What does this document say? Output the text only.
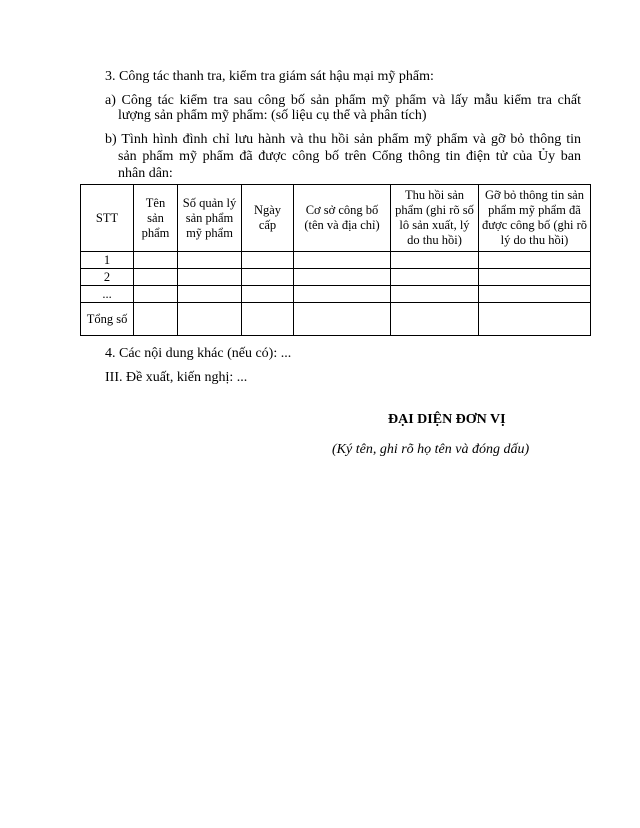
3. Công tác thanh tra, kiểm tra giám sát hậu mại mỹ phẩm:
a) Công tác kiểm tra sau công bố sản phẩm mỹ phẩm và lấy mẫu kiểm tra chất
lượng sản phẩm mỹ phẩm: (số liệu cụ thể và phân tích)
b) Tình hình đình chỉ lưu hành và thu hồi sản phẩm mỹ phẩm và gỡ bỏ thông tin
sản phẩm mỹ phẩm đã được công bố trên Cổng thông tin điện tử của Ủy ban
nhân dân:
STT	Tên sản phẩm	Số quản lý sản phẩm mỹ phẩm	Ngày cấp	Cơ sở công bố (tên và địa chỉ)	Thu hồi sản phẩm (ghi rõ số lô sản xuất, lý do thu hồi)	Gỡ bỏ thông tin sản phẩm mỹ phẩm đã được công bố (ghi rõ lý do thu hồi)
1						
2						
...						
Tổng số						
4. Các nội dung khác (nếu có): ...
III. Đề xuất, kiến nghị: ...
ĐẠI DIỆN ĐƠN VỊ
(Ký tên, ghi rõ họ tên và đóng dấu)
